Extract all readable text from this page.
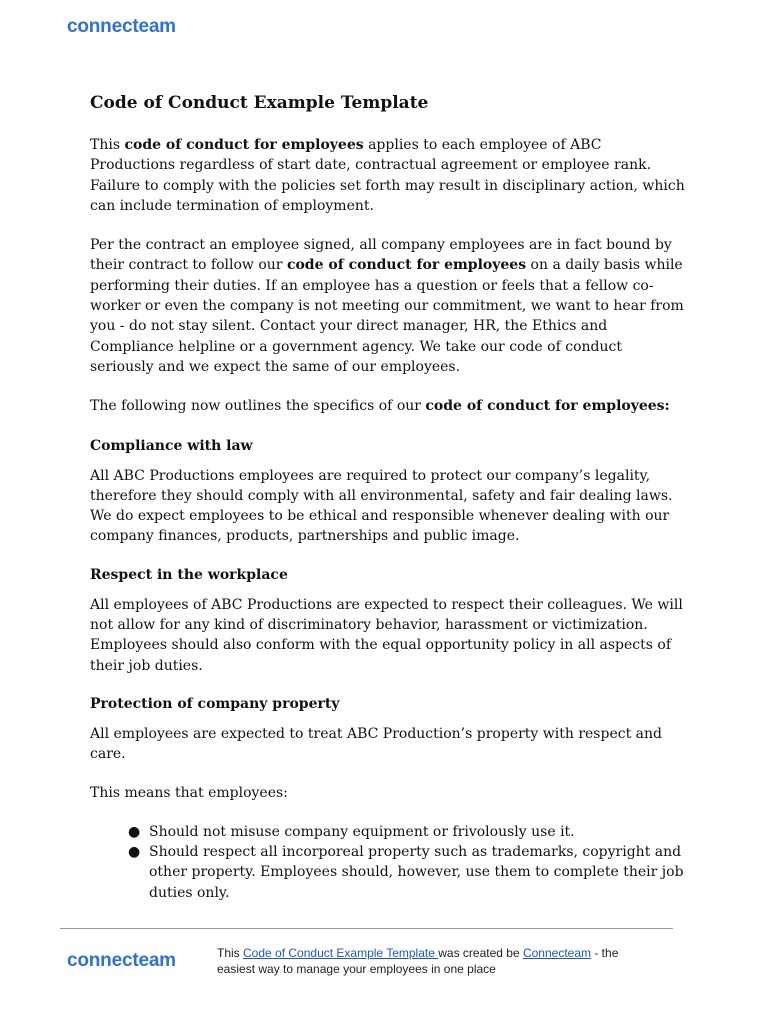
connecteam
Code of Conduct Example Template

This code of conduct for employees applies to each employee of ABC Productions regardless of start date, contractual agreement or employee rank. Failure to comply with the policies set forth may result in disciplinary action, which can include termination of employment.

Per the contract an employee signed, all company employees are in fact bound by their contract to follow our code of conduct for employees on a daily basis while performing their duties. If an employee has a question or feels that a fellow co-worker or even the company is not meeting our commitment, we want to hear from you - do not stay silent. Contact your direct manager, HR, the Ethics and Compliance helpline or a government agency. We take our code of conduct seriously and we expect the same of our employees.

The following now outlines the specifics of our code of conduct for employees:

Compliance with law

All ABC Productions employees are required to protect our company’s legality, therefore they should comply with all environmental, safety and fair dealing laws. We do expect employees to be ethical and responsible whenever dealing with our company finances, products, partnerships and public image.

Respect in the workplace

All employees of ABC Productions are expected to respect their colleagues. We will not allow for any kind of discriminatory behavior, harassment or victimization. Employees should also conform with the equal opportunity policy in all aspects of their job duties.

Protection of company property

All employees are expected to treat ABC Production’s property with respect and care.

This means that employees:

● Should not misuse company equipment or frivolously use it.
● Should respect all incorporeal property such as trademarks, copyright and other property. Employees should, however, use them to complete their job duties only.
connecteam	This Code of Conduct Example Template was created be Connecteam - the easiest way to manage your employees in one place
